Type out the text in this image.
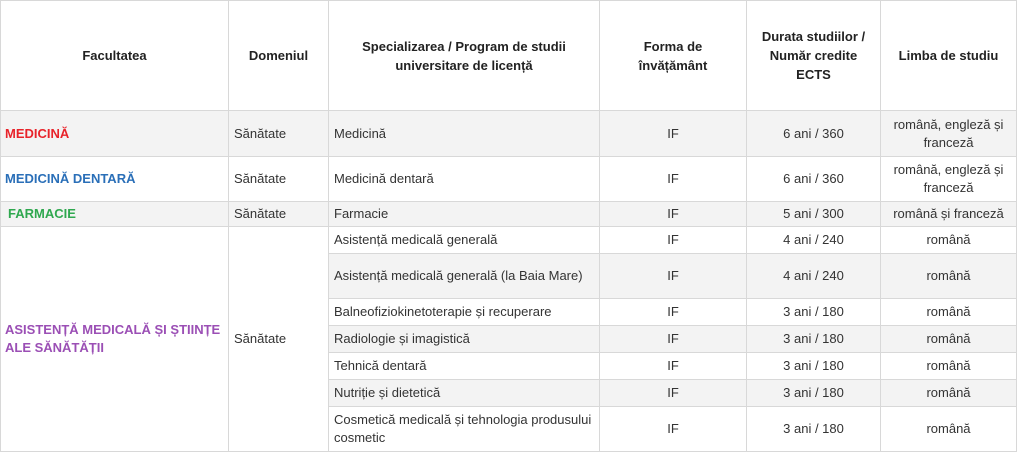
Facultatea	Domeniul	Specializarea / Program de studii universitare de licență	Forma de învățământ	Durata studiilor / Număr credite ECTS	Limba de studiu
MEDICINĂ	Sănătate	Medicină	IF	6 ani / 360	română, engleză și franceză
MEDICINĂ DENTARĂ	Sănătate	Medicină dentară	IF	6 ani / 360	română, engleză și franceză
FARMACIE	Sănătate	Farmacie	IF	5 ani / 300	română și franceză
ASISTENȚĂ MEDICALĂ ȘI ȘTIINȚE ALE SĂNĂTĂȚII	Sănătate	Asistență medicală generală	IF	4 ani / 240	română
		Asistență medicală generală (la Baia Mare)	IF	4 ani / 240	română
		Balneofiziokinetoterapie și recuperare	IF	3 ani / 180	română
		Radiologie și imagistică	IF	3 ani / 180	română
		Tehnică dentară	IF	3 ani / 180	română
		Nutriție și dietetică	IF	3 ani / 180	română
		Cosmetică medicală și tehnologia produsului cosmetic	IF	3 ani / 180	română
